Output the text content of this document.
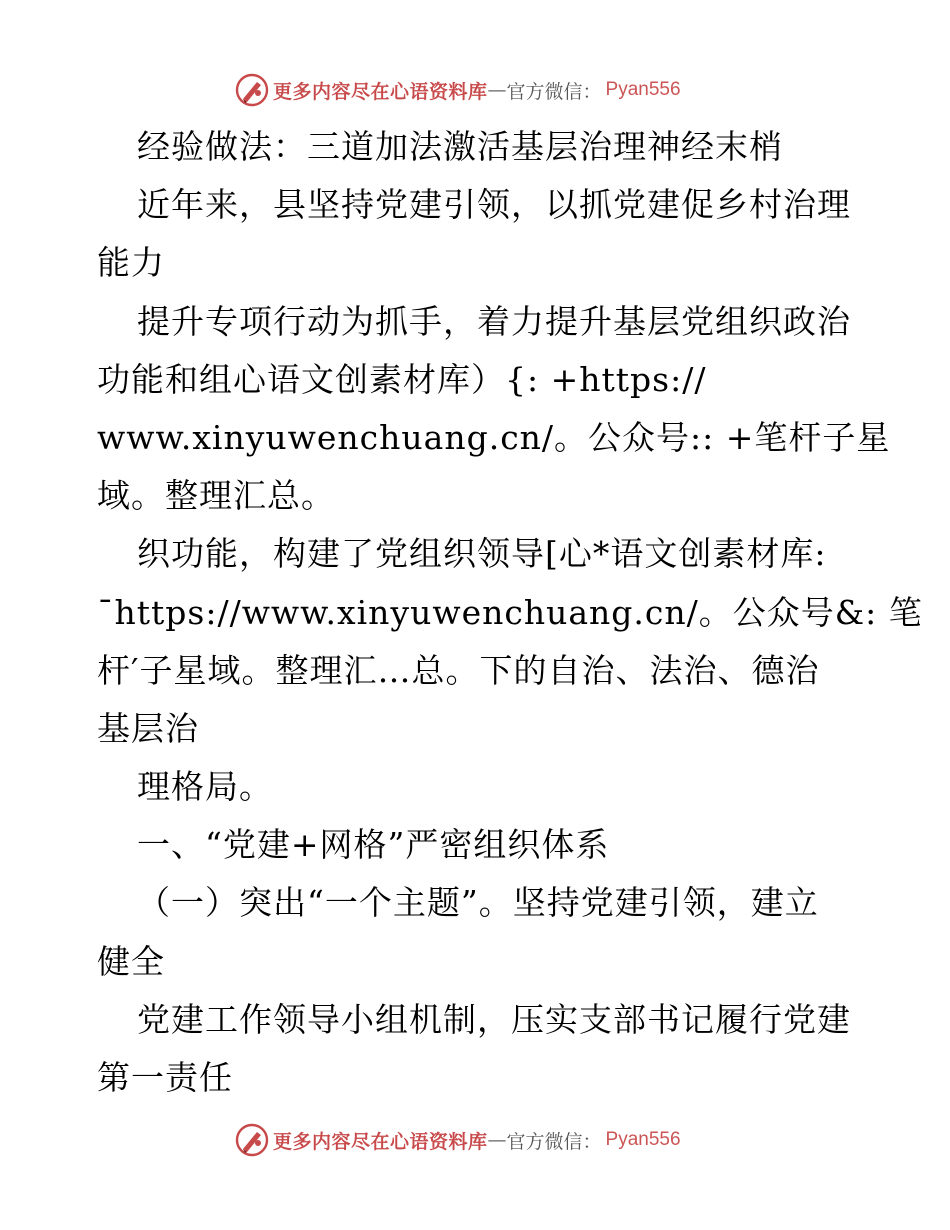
更多内容尽在心语资料库 — 官方微信： Pyan556
经验做法：三道加法激活基层治理神经末梢
近年来，县坚持党建引领，以抓党建促乡村治理
能力
提升专项行动为抓手，着力提升基层党组织政治
功能和组心语文创素材库）{: +https://
www.xinyuwenchuang.cn/。公众号:: +笔杆子星
域。整理汇总。
织功能，构建了党组织领导[心*语文创素材库:
¯https://www.xinyuwenchuang.cn/。公众号&: 笔
杆′子星域。整理汇…总。下的自治、法治、德治
基层治
理格局。
一、“党建+网格”严密组织体系
（一）突出“一个主题”。坚持党建引领，建立
健全
党建工作领导小组机制，压实支部书记履行党建
第一责任
更多内容尽在心语资料库 — 官方微信： Pyan556
